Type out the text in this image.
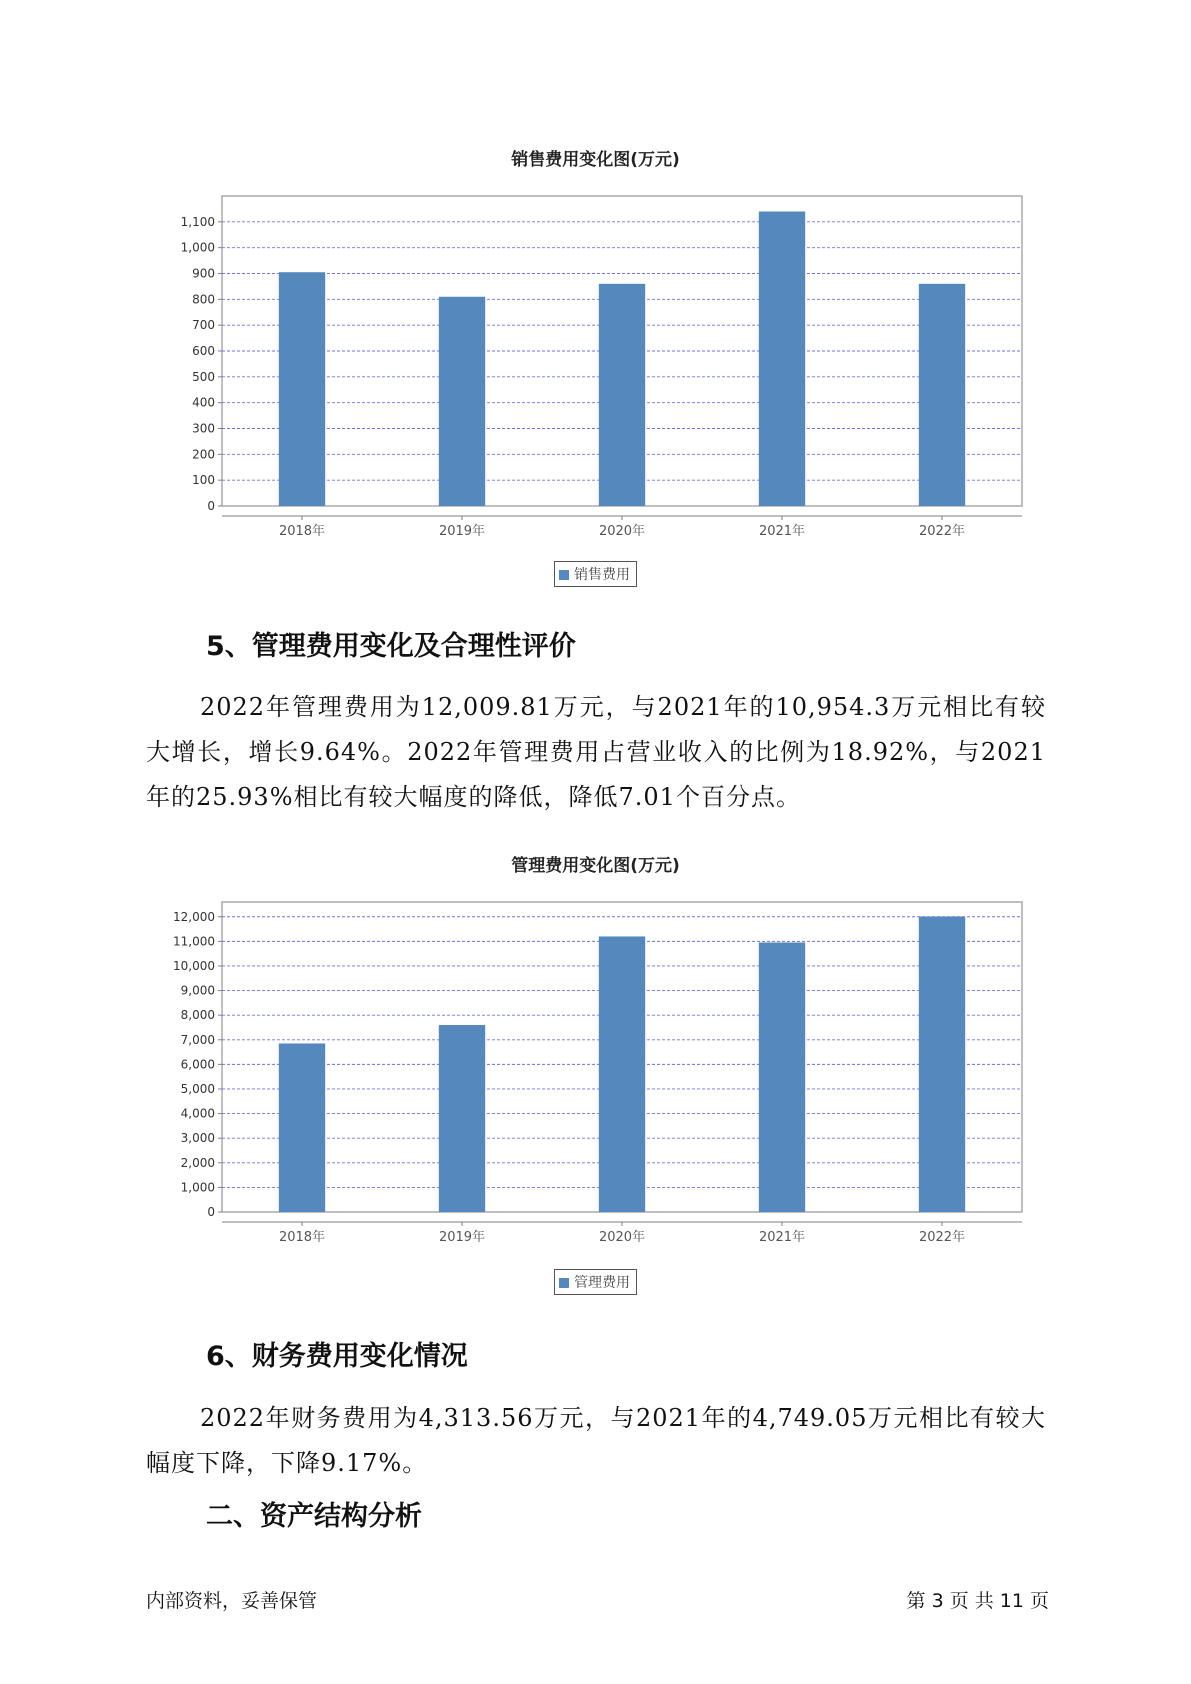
销售费用变化图(万元)
0
100
200
300
400
500
600
700
800
900
1,000
1,100
2018年	2019年	2020年	2021年	2022年
销售费用
5、管理费用变化及合理性评价
2022年管理费用为12,009.81万元，与2021年的10,954.3万元相比有较大增长，增长9.64%。2022年管理费用占营业收入的比例为18.92%，与2021年的25.93%相比有较大幅度的降低，降低7.01个百分点。
管理费用变化图(万元)
0
1,000
2,000
3,000
4,000
5,000
6,000
7,000
8,000
9,000
10,000
11,000
12,000
2018年	2019年	2020年	2021年	2022年
管理费用
6、财务费用变化情况
2022年财务费用为4,313.56万元，与2021年的4,749.05万元相比有较大幅度下降，下降9.17%。
二、资产结构分析
内部资料，妥善保管	第 3 页 共 11 页
